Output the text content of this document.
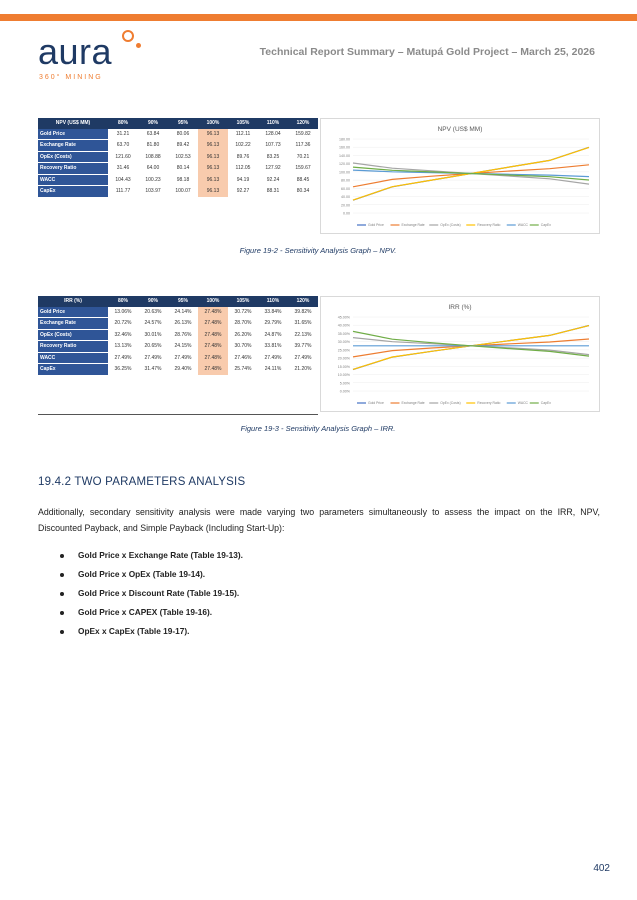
aura
360° MINING
Technical Report Summary – Matupá Gold Project – March 25, 2026
NPV (US$ MM)	80%	90%	95%	100%	105%	110%	120%
Gold Price	31.21	63.84	80.06	96.13	112.11	128.04	159.82
Exchange Rate	63.70	81.80	89.42	96.13	102.22	107.73	117.36
OpEx (Costs)	121.60	108.88	102.53	96.13	89.76	83.25	70.21
Recovery Ratio	31.46	64.00	80.14	96.13	112.05	127.92	159.67
WACC	104.43	100.23	98.18	96.13	94.19	92.24	88.45
CapEx	111.77	103.97	100.07	96.13	92.27	88.31	80.34
NPV (US$ MM)
0.00
20.00
40.00
60.00
80.00
100.00
120.00
140.00
160.00
180.00
Gold Price	Exchange Rate	OpEx (Costs)	Recovery Ratio	WACC	CapEx
Figure 19-2 - Sensitivity Analysis Graph – NPV.
IRR (%)	80%	90%	95%	100%	105%	110%	120%
Gold Price	13.06%	20.63%	24.14%	27.48%	30.72%	33.84%	39.82%
Exchange Rate	20.72%	24.57%	26.13%	27.48%	28.70%	29.79%	31.65%
OpEx (Costs)	32.46%	30.01%	28.76%	27.48%	26.20%	24.87%	22.13%
Recovery Ratio	13.13%	20.65%	24.15%	27.48%	30.70%	33.81%	39.77%
WACC	27.49%	27.49%	27.49%	27.48%	27.46%	27.49%	27.49%
CapEx	36.25%	31.47%	29.40%	27.48%	25.74%	24.11%	21.20%
IRR (%)
0.00%
5.00%
10.00%
15.00%
20.00%
25.00%
30.00%
35.00%
40.00%
45.00%
Gold Price	Exchange Rate	OpEx (Costs)	Recovery Ratio	WACC	CapEx
Figure 19-3 - Sensitivity Analysis Graph – IRR.
19.4.2 TWO PARAMETERS ANALYSIS
Additionally, secondary sensitivity analysis were made varying two parameters simultaneously to assess the impact on the IRR, NPV, Discounted Payback, and Simple Payback (Including Start-Up):
Gold Price x Exchange Rate (Table 19-13).
Gold Price x OpEx (Table 19-14).
Gold Price x Discount Rate (Table 19-15).
Gold Price x CAPEX (Table 19-16).
OpEx x CapEx (Table 19-17).
402
